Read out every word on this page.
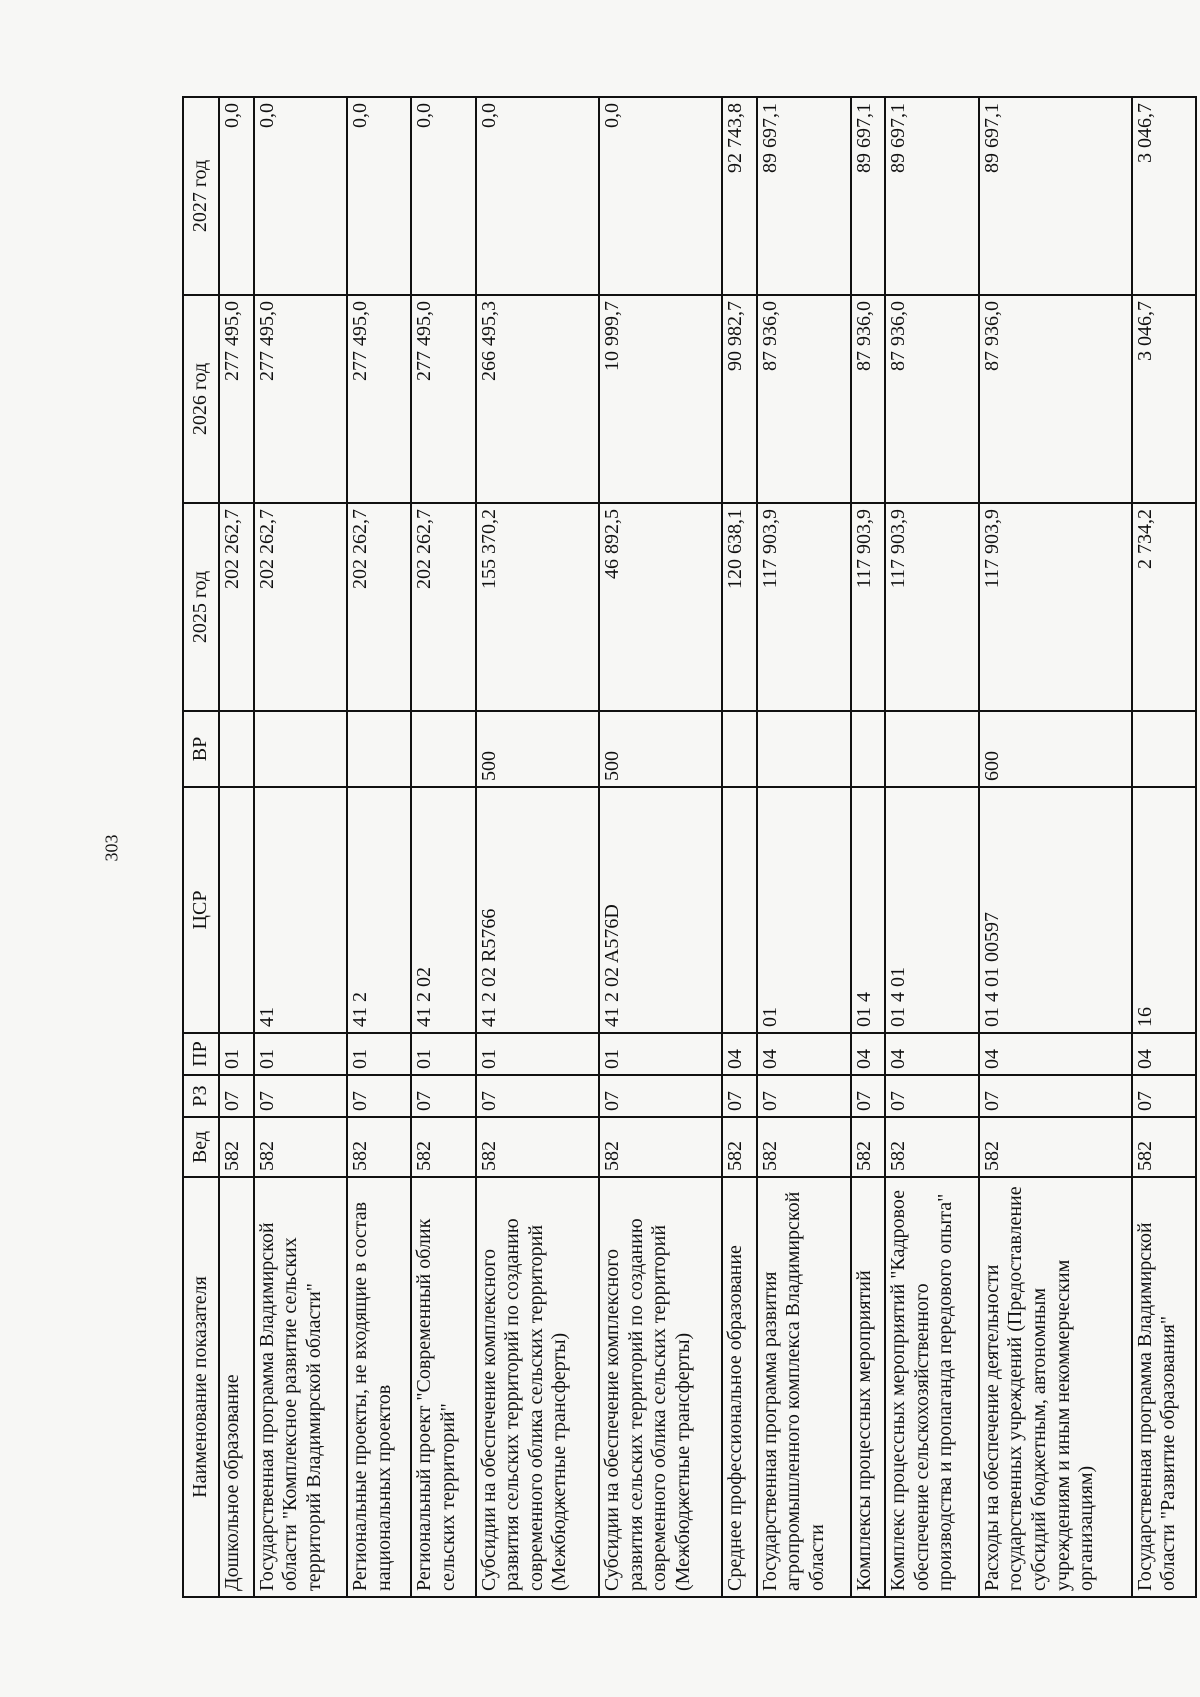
303
Наименование показателя	Вед	РЗ	ПР	ЦСР	ВР	2025 год	2026 год	2027 год
Дошкольное образование	582	07	01			202 262,7	277 495,0	0,0
Государственная программа Владимирской области "Комплексное развитие сельских территорий Владимирской области"	582	07	01	41		202 262,7	277 495,0	0,0
Региональные проекты, не входящие в состав национальных проектов	582	07	01	41 2		202 262,7	277 495,0	0,0
Региональный проект "Современный облик сельских территорий"	582	07	01	41 2 02		202 262,7	277 495,0	0,0
Субсидии на обеспечение комплексного развития сельских территорий по созданию современного облика сельских территорий (Межбюджетные трансферты)	582	07	01	41 2 02 R5766	500	155 370,2	266 495,3	0,0
Субсидии на обеспечение комплексного развития сельских территорий по созданию современного облика сельских территорий (Межбюджетные трансферты)	582	07	01	41 2 02 A576D	500	46 892,5	10 999,7	0,0
Среднее профессиональное образование	582	07	04			120 638,1	90 982,7	92 743,8
Государственная программа развития агропромышленного комплекса Владимирской области	582	07	04	01		117 903,9	87 936,0	89 697,1
Комплексы процессных мероприятий	582	07	04	01 4		117 903,9	87 936,0	89 697,1
Комплекс процессных мероприятий "Кадровое обеспечение сельскохозяйственного производства и пропаганда передового опыта"	582	07	04	01 4 01		117 903,9	87 936,0	89 697,1
Расходы на обеспечение деятельности государственных учреждений (Предоставление субсидий бюджетным, автономным учреждениям и иным некоммерческим организациям)	582	07	04	01 4 01 00597	600	117 903,9	87 936,0	89 697,1
Государственная программа Владимирской области "Развитие образования"	582	07	04	16		2 734,2	3 046,7	3 046,7
